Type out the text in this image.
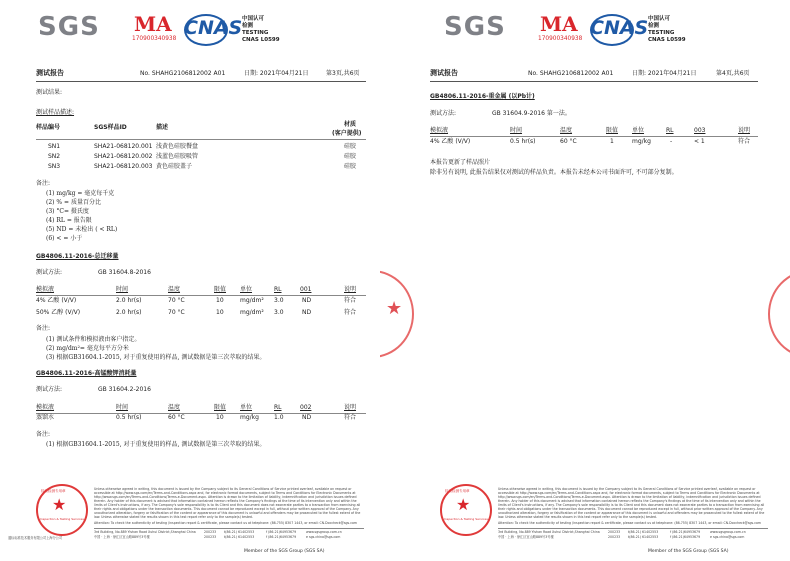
SGS MA
170900340938 CNAS 中国认可
检测
TESTING
CNAS L0599
测试报告	No. SHAHG2106812002 A01	日期: 2021年04月21日	第3页,共6页
测试结果:
测试样品描述:
样品编号	SGS样品ID	描述	材质
(客户提供)
SN1	SHA21-068120.001 浅黄色硅胶餐盘	硅胶
SN2	SHA21-068120.002 浅蓝色硅胶吸管	硅胶
SN3	SHA21-068120.003 黄色硅胶盖子	硅胶
备注:
(1) mg/kg = 毫克每千克
(2) % = 质量百分比
(3) °C= 摄氏度
(4) RL = 报告限
(5) ND = 未检出 ( < RL)
(6) < = 小于
GB4806.11-2016-总迁移量
测试方法:	GB 31604.8-2016
模拟液	时间	温度	限值 单位	RL	001	说明
4% 乙酸 (V/V)	2.0 hr(s)	70 °C	10	mg/dm² 3.0	ND	符合
50% 乙醇 (V/V)	2.0 hr(s)	70 °C	10	mg/dm² 3.0	ND	符合
备注:
(1) 测试条件和模拟液由客户指定。
(2) mg/dm²= 毫克每平方分米
(3) 根据GB31604.1-2015, 对于重复使用的样品, 测试数据是第三次萃取的结果。
GB4806.11-2016-高锰酸钾消耗量
测试方法:	GB 31604.2-2016
模拟液	时间	温度	限值 单位	RL	002	说明
蒸馏水	0.5 hr(s)	60 °C	10	mg/kg	1.0	ND	符合
备注:
(1) 根据GB31604.1-2015, 对于重复使用的样品, 测试数据是第三次萃取的结果。
★
检验检测专用章
Inspection & Testing Services
通标标准技术服务有限公司上海分公司
Unless otherwise agreed in writing, this document is issued by the Company subject to its General Conditions of Service printed overleaf, available on request or accessible at http://www.sgs.com/en/Terms-and-Conditions.aspx and, for electronic format documents, subject to Terms and Conditions for Electronic Documents at http://www.sgs.com/en/Terms-and-Conditions/Terms-e-Document.aspx. Attention is drawn to the limitation of liability, indemnification and jurisdiction issues defined therein. Any holder of this document is advised that information contained hereon reflects the Company's findings at the time of its intervention only and within the limits of Client's instructions, if any. The Company's sole responsibility is to its Client and this document does not exonerate parties to a transaction from exercising all their rights and obligations under the transaction documents. This document cannot be reproduced except in full, without prior written approval of the Company. Any unauthorized alteration, forgery or falsification of the content or appearance of this document is unlawful and offenders may be prosecuted to the fullest extent of the law. Unless otherwise stated the results shown in this test report refer only to the sample(s) tested.
Attention: To check the authenticity of testing /inspection report & certificate, please contact us at telephone: (86-755) 8307 1443, or email: CN.Doccheck@sgs.com
3rd Building, No.889 Yishan Road Xuhui District,Shanghai China
中国 · 上海 · 徐汇区宜山路889号3号楼
200233
200233
t(86-21) 61402553
t(86-21) 61402553
f (86-21)64953679
f (86-21)64953679
www.sgsgroup.com.cn
e sgs.china@sgs.com
Member of the SGS Group (SGS SA)
SGS MA
170900340938 CNAS 中国认可
检测
TESTING
CNAS L0599
测试报告	No. SHAHG2106812002 A01	日期: 2021年04月21日	第4页,共6页
GB4806.11-2016-重金属 (以Pb计)
测试方法:	GB 31604.9-2016 第一法。
模拟液	时间	温度	限值 单位	RL	003	说明
4% 乙酸 (V/V)	0.5 hr(s)	60 °C	1	mg/kg	-	< 1	符合
本报告更新了样品照片
除非另有说明, 此报告结果仅对测试的样品负责。本报告未经本公司书面许可, 不可部分复制。
★
检验检测专用章
Inspection & Testing Services
Unless otherwise agreed in writing, this document is issued by the Company subject to its General Conditions of Service printed overleaf, available on request or accessible at http://www.sgs.com/en/Terms-and-Conditions.aspx and, for electronic format documents, subject to Terms and Conditions for Electronic Documents at http://www.sgs.com/en/Terms-and-Conditions/Terms-e-Document.aspx. Attention is drawn to the limitation of liability, indemnification and jurisdiction issues defined therein. Any holder of this document is advised that information contained hereon reflects the Company's findings at the time of its intervention only and within the limits of Client's instructions, if any. The Company's sole responsibility is to its Client and this document does not exonerate parties to a transaction from exercising all their rights and obligations under the transaction documents. This document cannot be reproduced except in full, without prior written approval of the Company. Any unauthorized alteration, forgery or falsification of the content or appearance of this document is unlawful and offenders may be prosecuted to the fullest extent of the law. Unless otherwise stated the results shown in this test report refer only to the sample(s) tested.
Attention: To check the authenticity of testing /inspection report & certificate, please contact us at telephone: (86-755) 8307 1443, or email: CN.Doccheck@sgs.com
3rd Building, No.889 Yishan Road Xuhui District,Shanghai China
中国 · 上海 · 徐汇区宜山路889号3号楼
200233
200233
t(86-21) 61402553
t(86-21) 61402553
f (86-21)64953679
f (86-21)64953679
www.sgsgroup.com.cn
e sgs.china@sgs.com
Member of the SGS Group (SGS SA)
★
